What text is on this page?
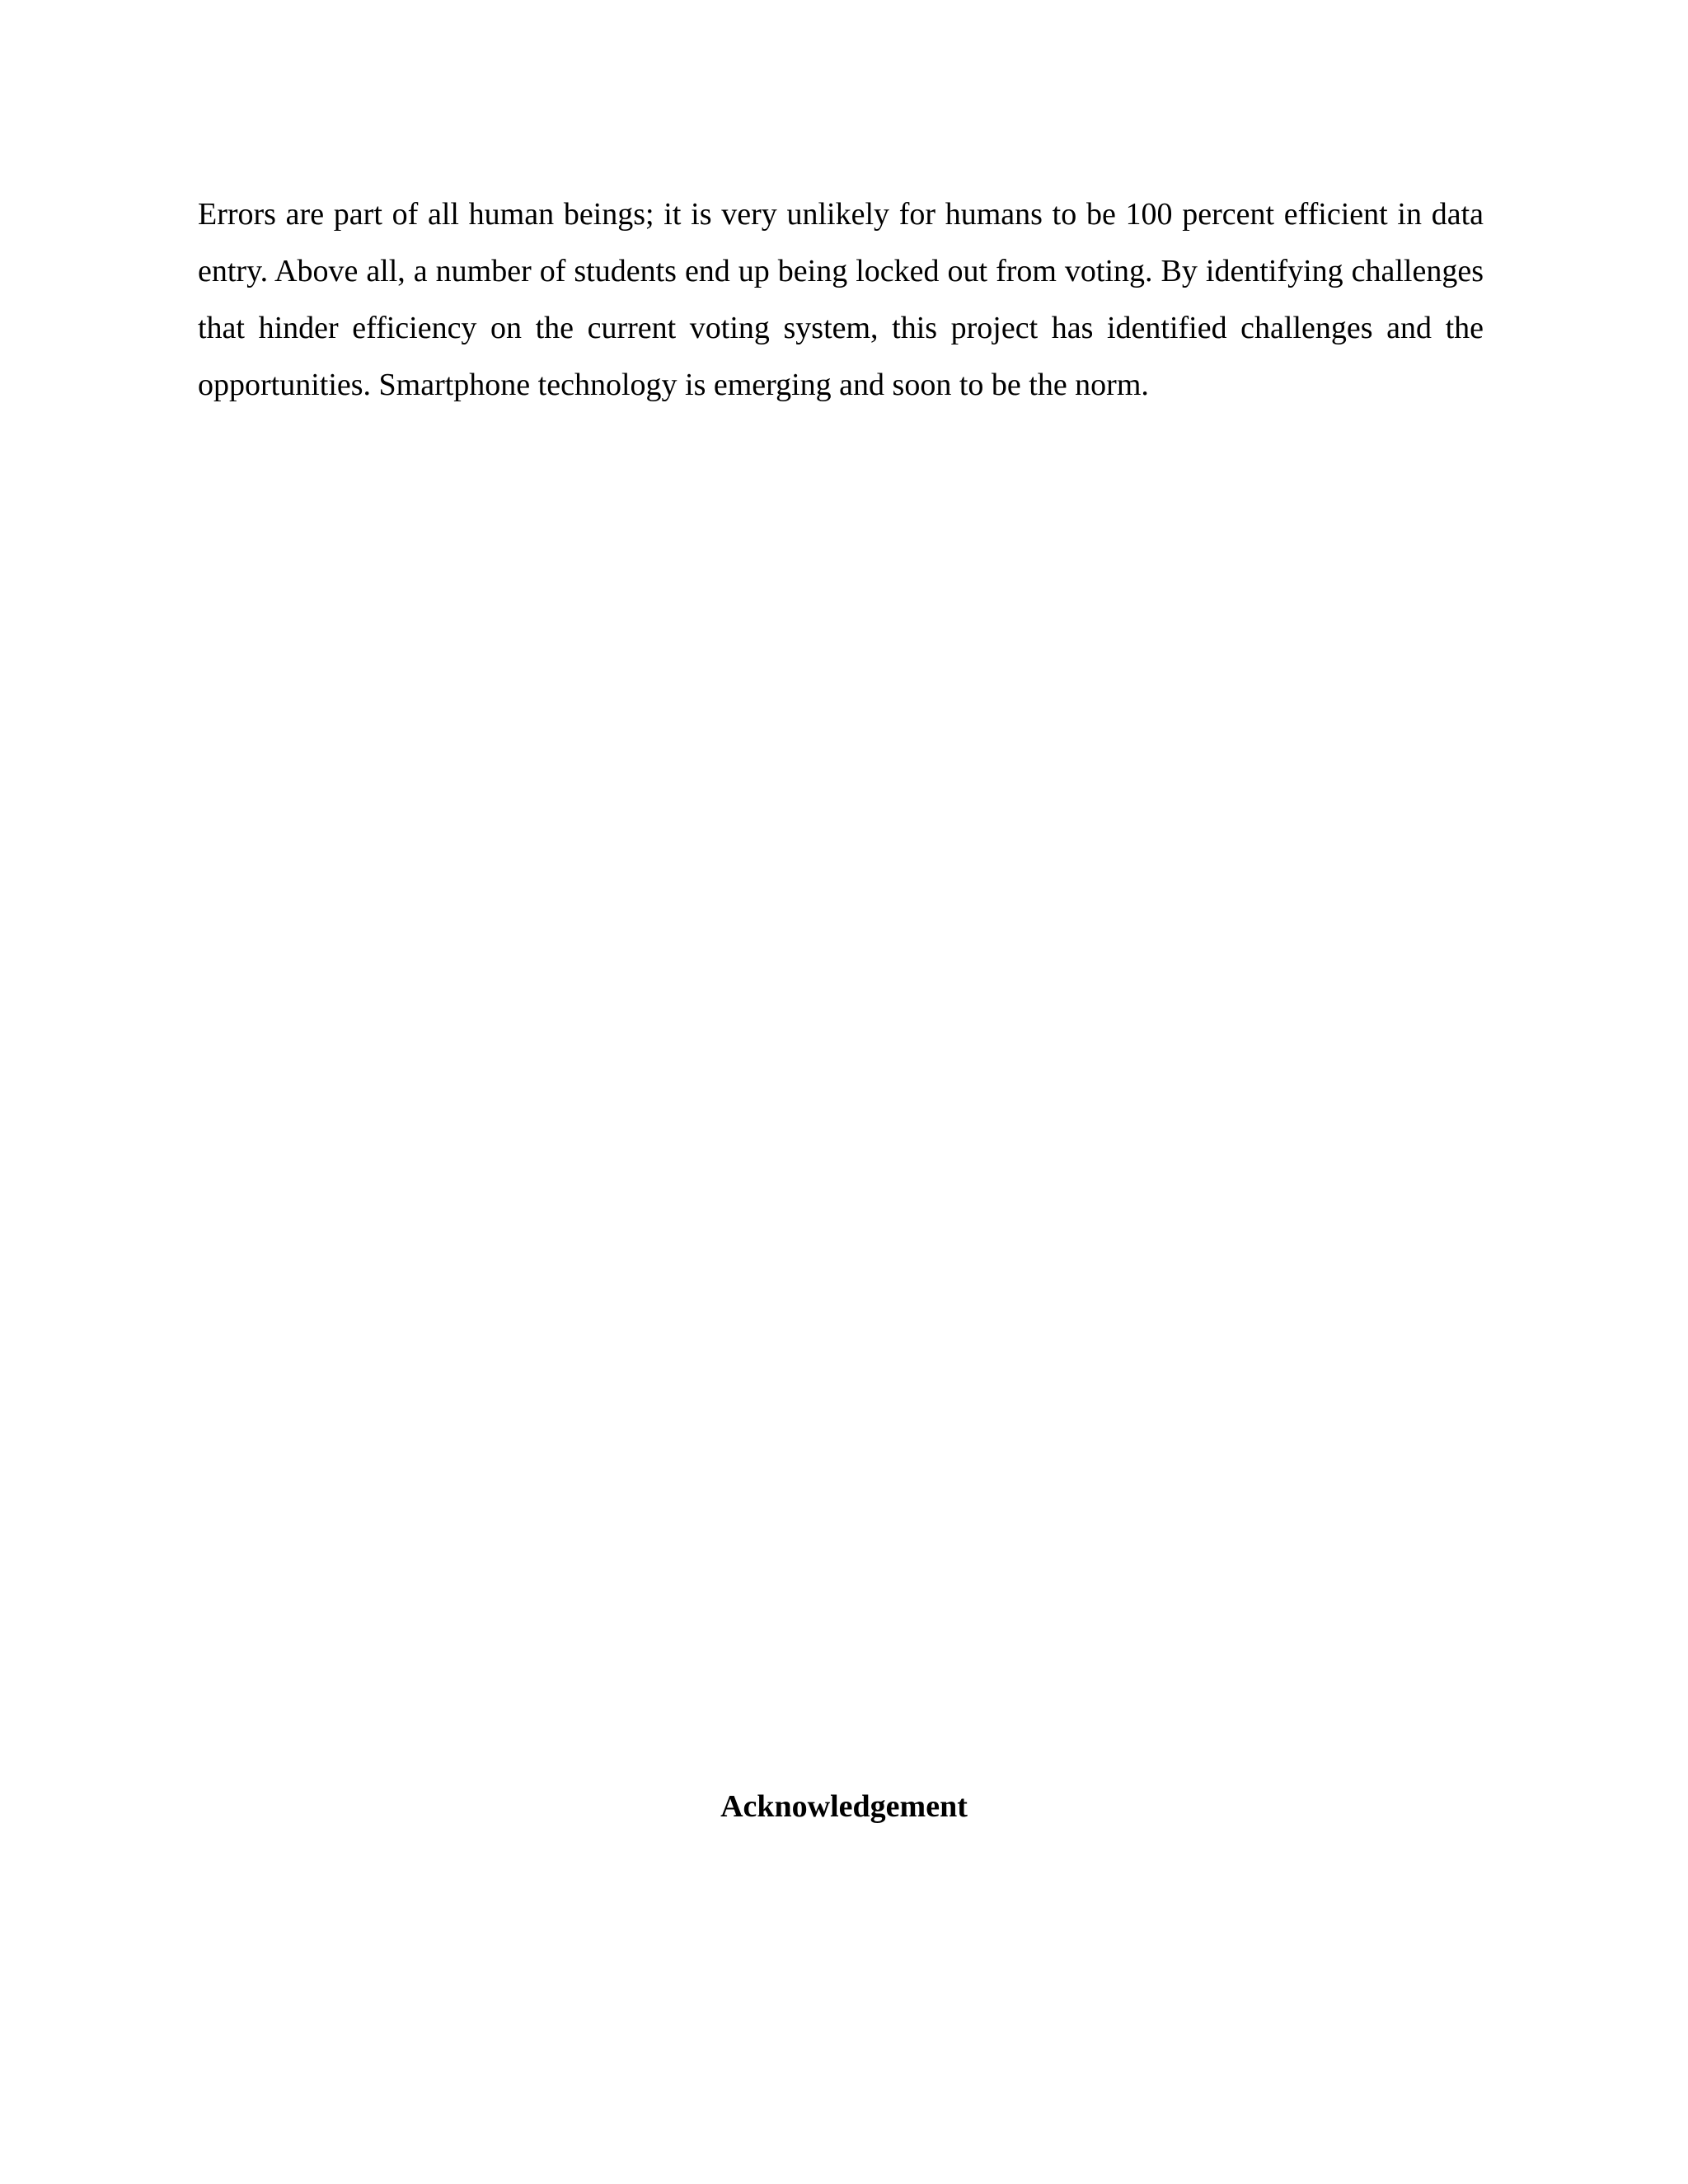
Errors are part of all human beings; it is very unlikely for humans to be 100 percent efficient in data entry. Above all, a number of students end up being locked out from voting. By identifying challenges that hinder efficiency on the current voting system, this project has identified challenges and the opportunities. Smartphone technology is emerging and soon to be the norm.

Acknowledgement
